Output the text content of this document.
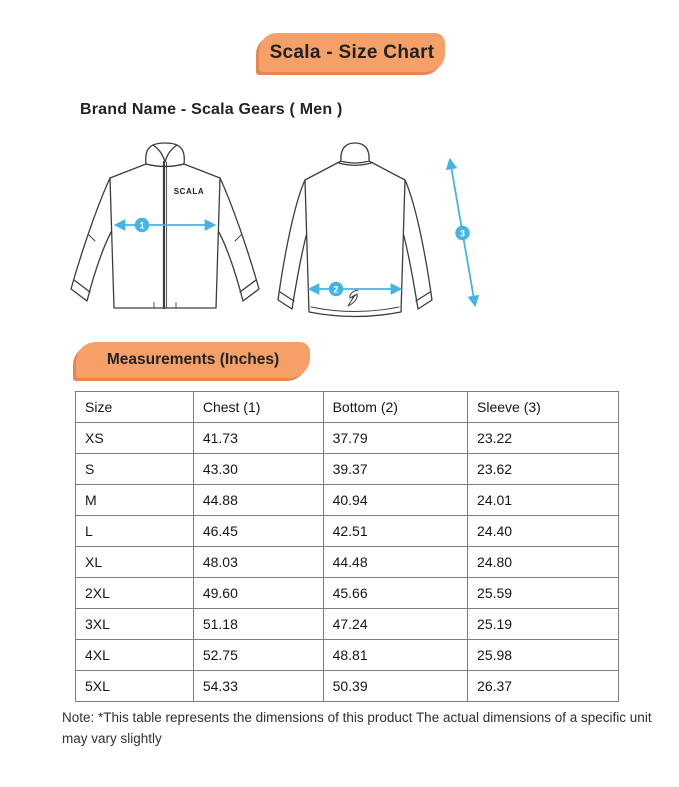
Scala - Size Chart
Brand Name - Scala Gears ( Men )
SCALA
1
2
3
Measurements (Inches)
Size	Chest (1)	Bottom (2)	Sleeve (3)
XS	41.73	37.79	23.22
S	43.30	39.37	23.62
M	44.88	40.94	24.01
L	46.45	42.51	24.40
XL	48.03	44.48	24.80
2XL	49.60	45.66	25.59
3XL	51.18	47.24	25.19
4XL	52.75	48.81	25.98
5XL	54.33	50.39	26.37

Note: *This table represents the dimensions of this product The actual dimensions of a specific unit may vary slightly
